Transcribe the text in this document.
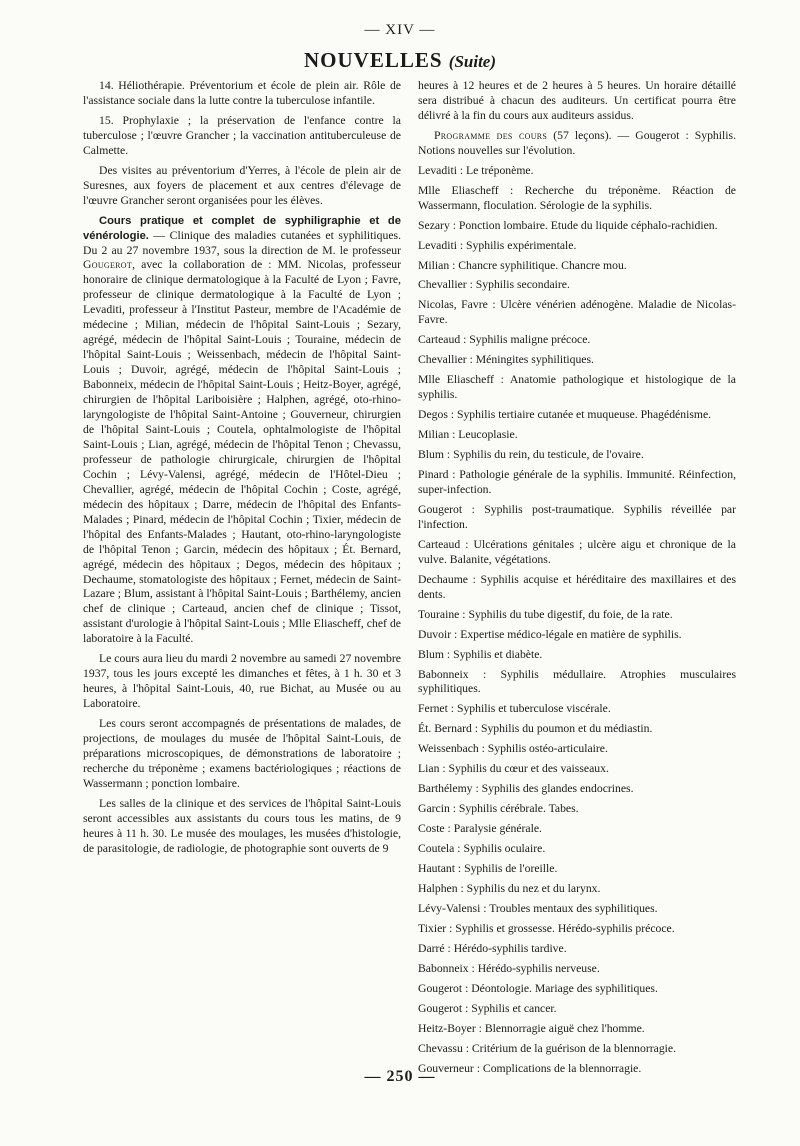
— XIV —
NOUVELLES (Suite)

14. Héliothérapie. Préventorium et école de plein air. Rôle de l'assistance sociale dans la lutte contre la tuberculose infantile.

15. Prophylaxie ; la préservation de l'enfance contre la tuberculose ; l'œuvre Grancher ; la vaccination antituberculeuse de Calmette.

Des visites au préventorium d'Yerres, à l'école de plein air de Suresnes, aux foyers de placement et aux centres d'élevage de l'œuvre Grancher seront organisées pour les élèves.

Cours pratique et complet de syphiligraphie et de vénérologie. — Clinique des maladies cutanées et syphilitiques. Du 2 au 27 novembre 1937, sous la direction de M. le professeur Gougerot, avec la collaboration de : MM. Nicolas, professeur honoraire de clinique dermatologique à la Faculté de Lyon ; Favre, professeur de clinique dermatologique à la Faculté de Lyon ; Levaditi, professeur à l'Institut Pasteur, membre de l'Académie de médecine ; Milian, médecin de l'hôpital Saint-Louis ; Sezary, agrégé, médecin de l'hôpital Saint-Louis ; Touraine, médecin de l'hôpital Saint-Louis ; Weissenbach, médecin de l'hôpital Saint-Louis ; Duvoir, agrégé, médecin de l'hôpital Saint-Louis ; Babonneix, médecin de l'hôpital Saint-Louis ; Heitz-Boyer, agrégé, chirurgien de l'hôpital Lariboisière ; Halphen, agrégé, oto-rhino-laryngologiste de l'hôpital Saint-Antoine ; Gouverneur, chirurgien de l'hôpital Saint-Louis ; Coutela, ophtalmologiste de l'hôpital Saint-Louis ; Lian, agrégé, médecin de l'hôpital Tenon ; Chevassu, professeur de pathologie chirurgicale, chirurgien de l'hôpital Cochin ; Lévy-Valensi, agrégé, médecin de l'Hôtel-Dieu ; Chevallier, agrégé, médecin de l'hôpital Cochin ; Coste, agrégé, médecin des hôpitaux ; Darre, médecin de l'hôpital des Enfants-Malades ; Pinard, médecin de l'hôpital Cochin ; Tixier, médecin de l'hôpital des Enfants-Malades ; Hautant, oto-rhino-laryngologiste de l'hôpital Tenon ; Garcin, médecin des hôpitaux ; Ét. Bernard, agrégé, médecin des hôpitaux ; Degos, médecin des hôpitaux ; Dechaume, stomatologiste des hôpitaux ; Fernet, médecin de Saint-Lazare ; Blum, assistant à l'hôpital Saint-Louis ; Barthélemy, ancien chef de clinique ; Carteaud, ancien chef de clinique ; Tissot, assistant d'urologie à l'hôpital Saint-Louis ; Mlle Eliascheff, chef de laboratoire à la Faculté.

Le cours aura lieu du mardi 2 novembre au samedi 27 novembre 1937, tous les jours excepté les dimanches et fêtes, à 1 h. 30 et 3 heures, à l'hôpital Saint-Louis, 40, rue Bichat, au Musée ou au Laboratoire.

Les cours seront accompagnés de présentations de malades, de projections, de moulages du musée de l'hôpital Saint-Louis, de préparations microscopiques, de démonstrations de laboratoire ; recherche du tréponème ; examens bactériologiques ; réactions de Wassermann ; ponction lombaire.

Les salles de la clinique et des services de l'hôpital Saint-Louis seront accessibles aux assistants du cours tous les matins, de 9 heures à 11 h. 30. Le musée des moulages, les musées d'histologie, de parasitologie, de radiologie, de photographie sont ouverts de 9

heures à 12 heures et de 2 heures à 5 heures. Un horaire détaillé sera distribué à chacun des auditeurs. Un certificat pourra être délivré à la fin du cours aux auditeurs assidus.

Programme des cours (57 leçons). — Gougerot : Syphilis. Notions nouvelles sur l'évolution.

Levaditi : Le tréponème.

Mlle Eliascheff : Recherche du tréponème. Réaction de Wassermann, floculation. Sérologie de la syphilis.

Sezary : Ponction lombaire. Etude du liquide céphalo-rachidien.

Levaditi : Syphilis expérimentale.

Milian : Chancre syphilitique. Chancre mou.

Chevallier : Syphilis secondaire.

Nicolas, Favre : Ulcère vénérien adénogène. Maladie de Nicolas-Favre.

Carteaud : Syphilis maligne précoce.

Chevallier : Méningites syphilitiques.

Mlle Eliascheff : Anatomie pathologique et histologique de la syphilis.

Degos : Syphilis tertiaire cutanée et muqueuse. Phagédénisme.

Milian : Leucoplasie.

Blum : Syphilis du rein, du testicule, de l'ovaire.

Pinard : Pathologie générale de la syphilis. Immunité. Réinfection, super-infection.

Gougerot : Syphilis post-traumatique. Syphilis réveillée par l'infection.

Carteaud : Ulcérations génitales ; ulcère aigu et chronique de la vulve. Balanite, végétations.

Dechaume : Syphilis acquise et héréditaire des maxillaires et des dents.

Touraine : Syphilis du tube digestif, du foie, de la rate.

Duvoir : Expertise médico-légale en matière de syphilis.

Blum : Syphilis et diabète.

Babonneix : Syphilis médullaire. Atrophies musculaires syphilitiques.

Fernet : Syphilis et tuberculose viscérale.

Ét. Bernard : Syphilis du poumon et du médiastin.

Weissenbach : Syphilis ostéo-articulaire.

Lian : Syphilis du cœur et des vaisseaux.

Barthélemy : Syphilis des glandes endocrines.

Garcin : Syphilis cérébrale. Tabes.

Coste : Paralysie générale.

Coutela : Syphilis oculaire.

Hautant : Syphilis de l'oreille.

Halphen : Syphilis du nez et du larynx.

Lévy-Valensi : Troubles mentaux des syphilitiques.

Tixier : Syphilis et grossesse. Hérédo-syphilis précoce.

Darré : Hérédo-syphilis tardive.

Babonneix : Hérédo-syphilis nerveuse.

Gougerot : Déontologie. Mariage des syphilitiques.

Gougerot : Syphilis et cancer.

Heitz-Boyer : Blennorragie aiguë chez l'homme.

Chevassu : Critérium de la guérison de la blennorragie.

Gouverneur : Complications de la blennorragie.

— 250 —
